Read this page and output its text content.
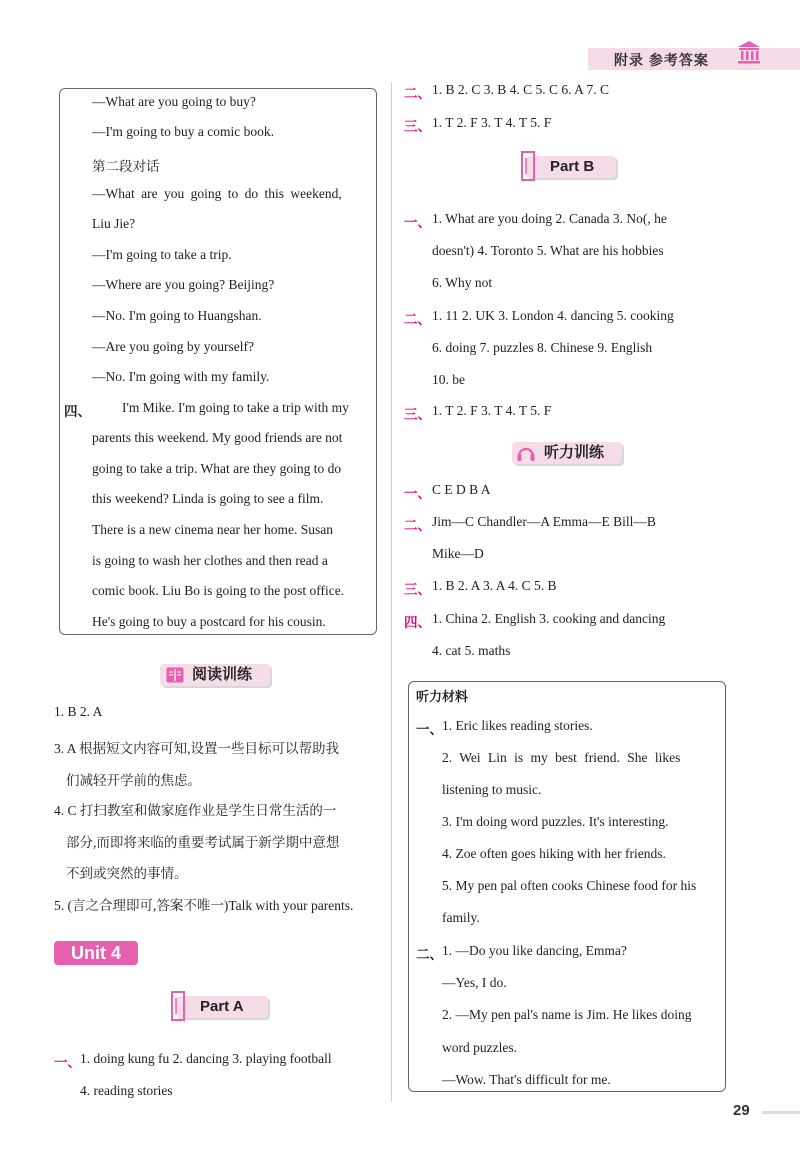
附录 参考答案
—What are you going to buy?
—I'm going to buy a comic book.
第二段对话
—What are you going to do this weekend,
Liu Jie?
—I'm going to take a trip.
—Where are you going? Beijing?
—No. I'm going to Huangshan.
—Are you going by yourself?
—No. I'm going with my family.
四、 I'm Mike. I'm going to take a trip with my
parents this weekend. My good friends are not
going to take a trip. What are they going to do
this weekend? Linda is going to see a film.
There is a new cinema near her home. Susan
is going to wash her clothes and then read a
comic book. Liu Bo is going to the post office.
He's going to buy a postcard for his cousin.
阅读训练
1. B 2. A
3. A 根据短文内容可知,设置一些目标可以帮助我
们减轻开学前的焦虑。
4. C 打扫教室和做家庭作业是学生日常生活的一
部分,而即将来临的重要考试属于新学期中意想
不到或突然的事情。
5. (言之合理即可,答案不唯一)Talk with your parents.
Unit 4
Part A
一、 1. doing kung fu 2. dancing 3. playing football
4. reading stories
二、 1. B 2. C 3. B 4. C 5. C 6. A 7. C
三、 1. T 2. F 3. T 4. T 5. F
Part B
一、 1. What are you doing 2. Canada 3. No(, he
doesn't) 4. Toronto 5. What are his hobbies
6. Why not
二、 1. 11 2. UK 3. London 4. dancing 5. cooking
6. doing 7. puzzles 8. Chinese 9. English
10. be
三、 1. T 2. F 3. T 4. T 5. F
听力训练
一、 C E D B A
二、 Jim—C Chandler—A Emma—E Bill—B
Mike—D
三、 1. B 2. A 3. A 4. C 5. B
四、 1. China 2. English 3. cooking and dancing
4. cat 5. maths
听力材料
一、 1. Eric likes reading stories.
2. Wei Lin is my best friend. She likes
listening to music.
3. I'm doing word puzzles. It's interesting.
4. Zoe often goes hiking with her friends.
5. My pen pal often cooks Chinese food for his
family.
二、 1. —Do you like dancing, Emma?
—Yes, I do.
2. —My pen pal's name is Jim. He likes doing
word puzzles.
—Wow. That's difficult for me.
29
